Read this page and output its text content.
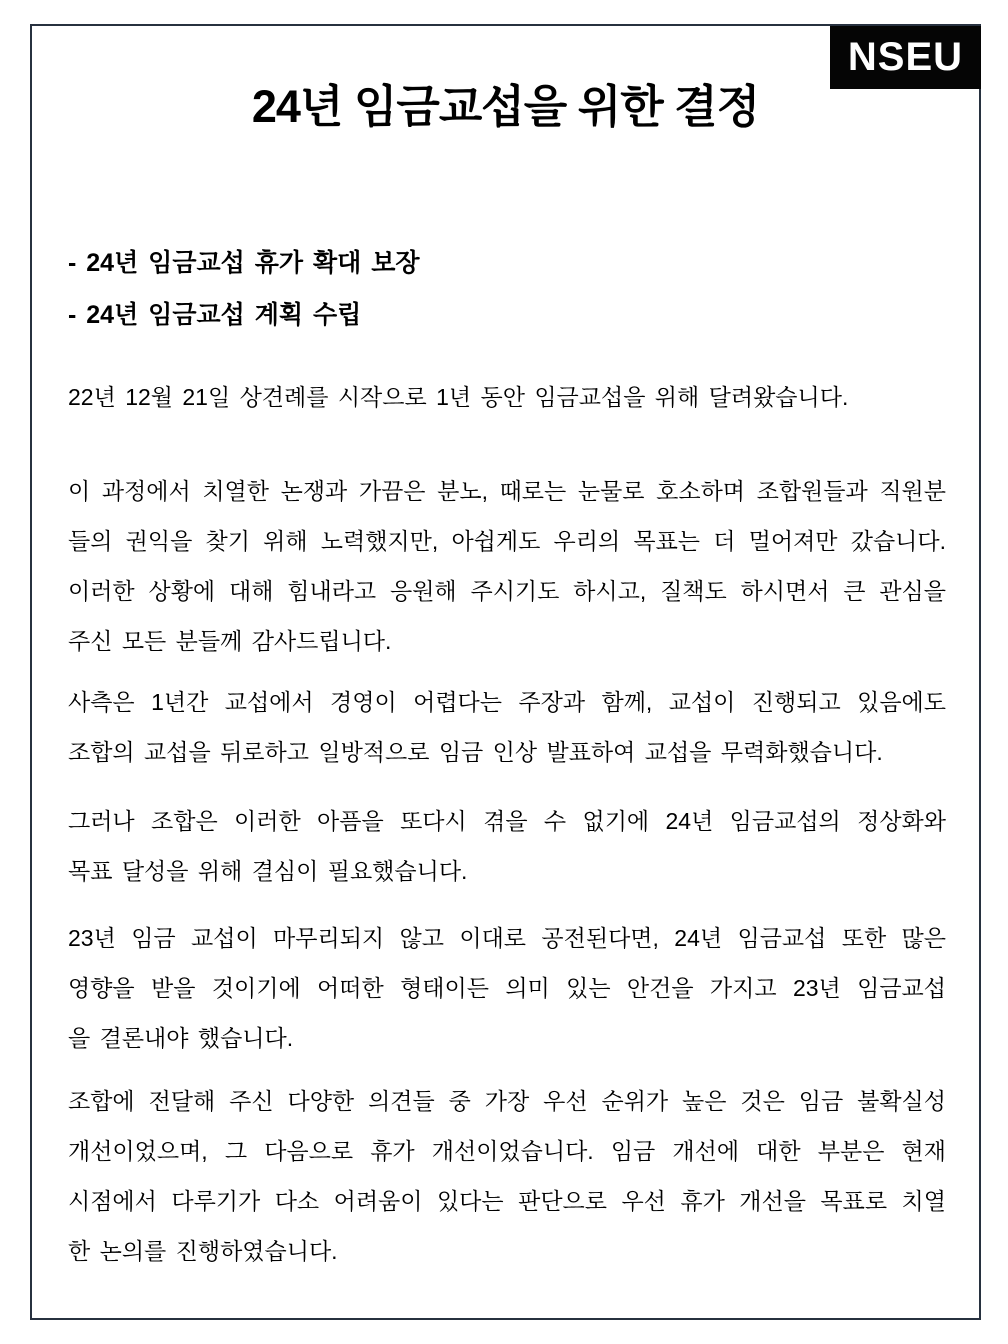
NSEU
24년 임금교섭을 위한 결정
- 24년 임금교섭 휴가 확대 보장
- 24년 임금교섭 계획 수립
22년 12월 21일 상견례를 시작으로 1년 동안 임금교섭을 위해 달려왔습니다.
이 과정에서 치열한 논쟁과 가끔은 분노, 때로는 눈물로 호소하며 조합원들과 직원분
들의 권익을 찾기 위해 노력했지만, 아쉽게도 우리의 목표는 더 멀어져만 갔습니다.
이러한 상황에 대해 힘내라고 응원해 주시기도 하시고, 질책도 하시면서 큰 관심을
주신 모든 분들께 감사드립니다.
사측은 1년간 교섭에서 경영이 어렵다는 주장과 함께, 교섭이 진행되고 있음에도
조합의 교섭을 뒤로하고 일방적으로 임금 인상 발표하여 교섭을 무력화했습니다.
그러나 조합은 이러한 아픔을 또다시 겪을 수 없기에 24년 임금교섭의 정상화와
목표 달성을 위해 결심이 필요했습니다.
23년 임금 교섭이 마무리되지 않고 이대로 공전된다면, 24년 임금교섭 또한 많은
영향을 받을 것이기에 어떠한 형태이든 의미 있는 안건을 가지고 23년 임금교섭
을 결론내야 했습니다.
조합에 전달해 주신 다양한 의견들 중 가장 우선 순위가 높은 것은 임금 불확실성
개선이었으며, 그 다음으로 휴가 개선이었습니다. 임금 개선에 대한 부분은 현재
시점에서 다루기가 다소 어려움이 있다는 판단으로 우선 휴가 개선을 목표로 치열
한 논의를 진행하였습니다.
